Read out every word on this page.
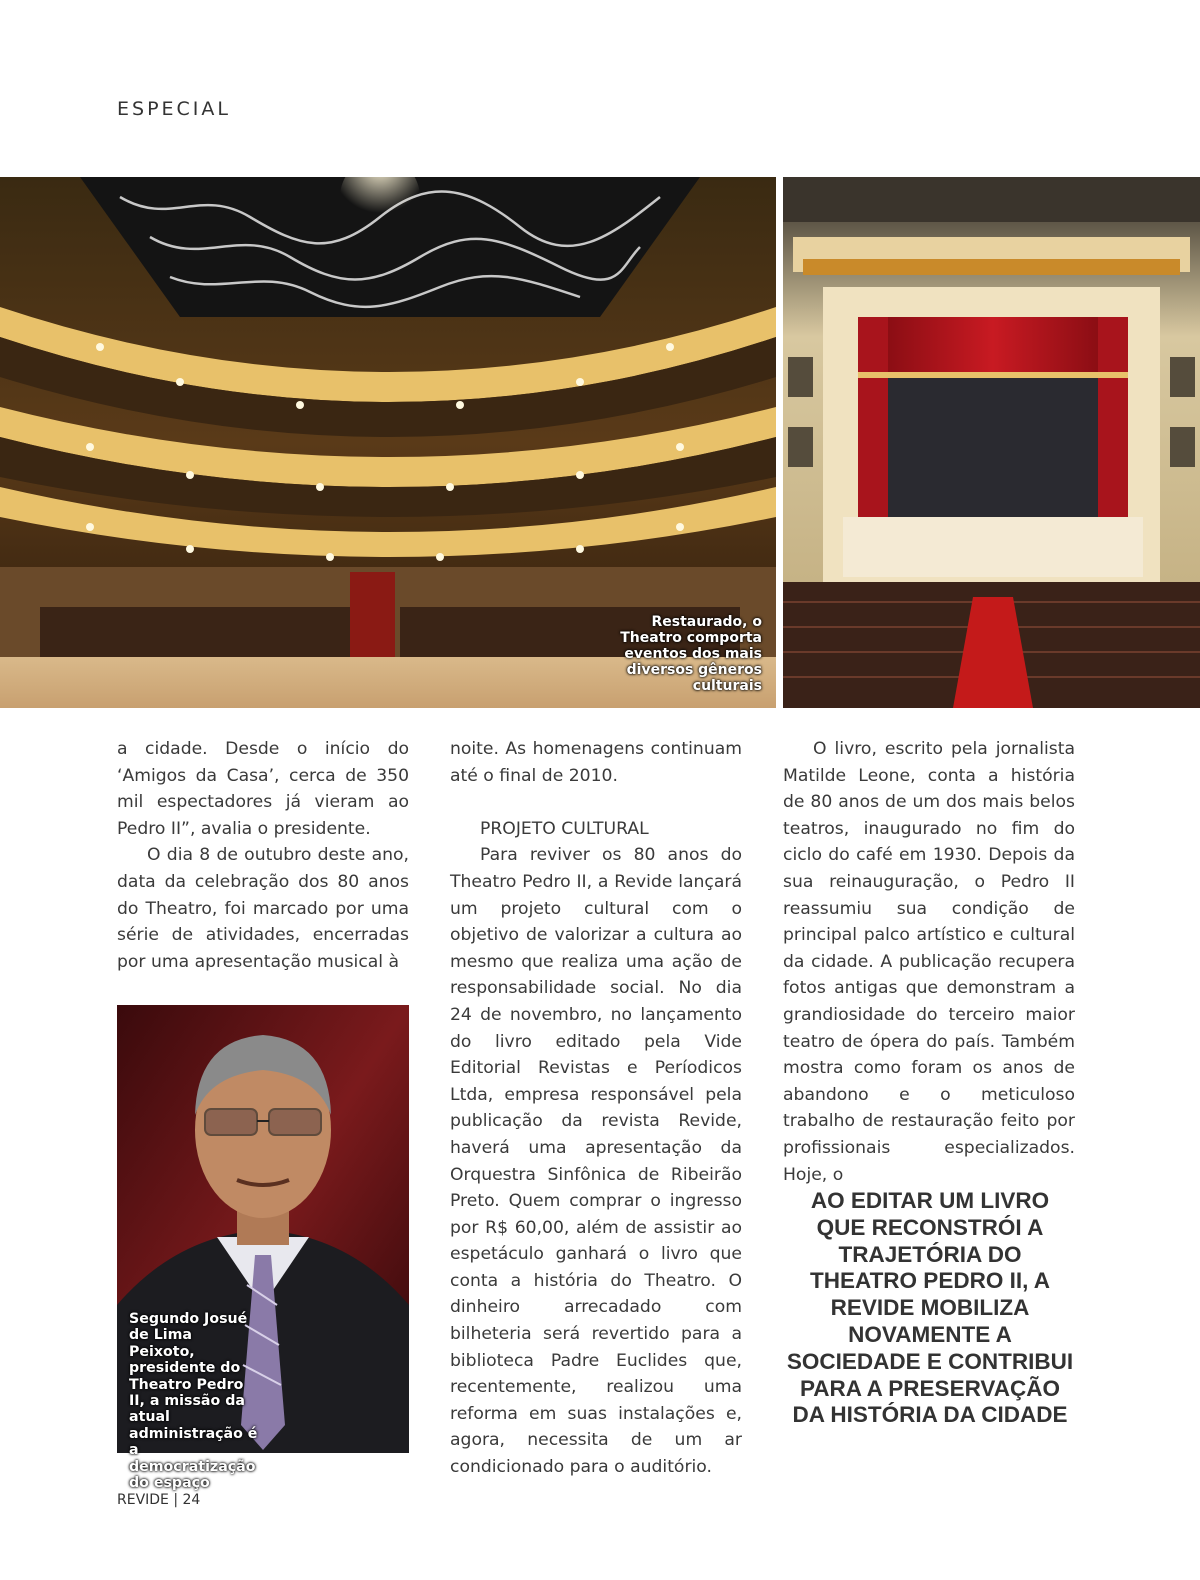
ESPECIAL
Restaurado, o Theatro comporta eventos dos mais diversos gêneros culturais

a cidade. Desde o início do ‘Amigos da Casa’, cerca de 350 mil espectadores já vieram ao Pedro II”, avalia o presidente.

O dia 8 de outubro deste ano, data da celebração dos 80 anos do Theatro, foi marcado por uma série de atividades, encerradas por uma apresentação musical à

Segundo Josué de Lima Peixoto, presidente do Theatro Pedro II, a missão da atual administração é a democratização do espaço

noite. As homenagens continuam até o final de 2010.

PROJETO CULTURAL

Para reviver os 80 anos do Theatro Pedro II, a Revide lançará um projeto cultural com o objetivo de valorizar a cultura ao mesmo que realiza uma ação de responsabilidade social. No dia 24 de novembro, no lançamento do livro editado pela Vide Editorial Revistas e Períodicos Ltda, empresa responsável pela publicação da revista Revide, haverá uma apresentação da Orquestra Sinfônica de Ribeirão Preto. Quem comprar o ingresso por R$ 60,00, além de assistir ao espetáculo ganhará o livro que conta a história do Theatro. O dinheiro arrecadado com bilheteria será revertido para a biblioteca Padre Euclides que, recentemente, realizou uma reforma em suas instalações e, agora, necessita de um ar condicionado para o auditório.

O livro, escrito pela jornalista Matilde Leone, conta a história de 80 anos de um dos mais belos teatros, inaugurado no fim do ciclo do café em 1930. Depois da sua reinauguração, o Pedro II reassumiu sua condição de principal palco artístico e cultural da cidade. A publicação recupera fotos antigas que demonstram a grandiosidade do terceiro maior teatro de ópera do país. Também mostra como foram os anos de abandono e o meticuloso trabalho de restauração feito por profissionais especializados. Hoje, o

AO EDITAR UM LIVRO QUE RECONSTRÓI A TRAJETÓRIA DO THEATRO PEDRO II, A REVIDE MOBILIZA NOVAMENTE A SOCIEDADE E CONTRIBUI PARA A PRESERVAÇÃO DA HISTÓRIA DA CIDADE
REVIDE | 24
